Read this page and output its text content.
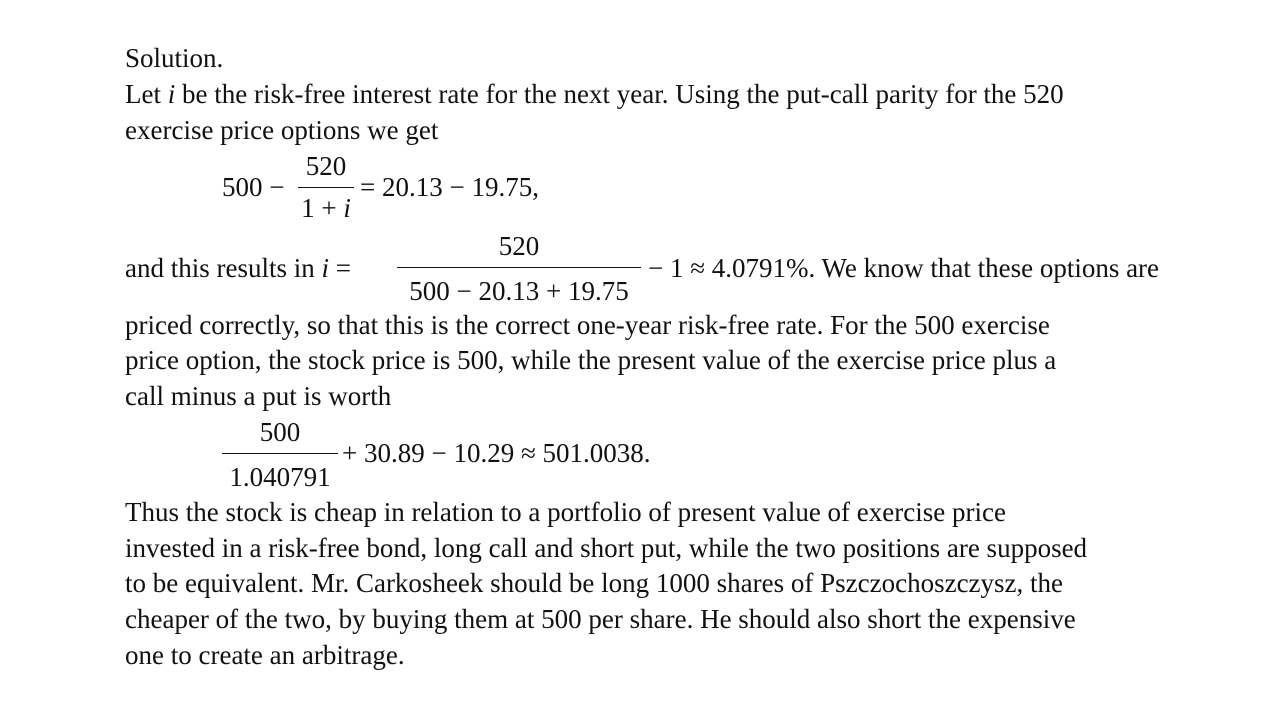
Solution.
Let i be the risk-free interest rate for the next year. Using the put-call parity for the 520
exercise price options we get
500 −
520
1 + i
= 20.13 − 19.75,
and this results in i =
520
500 − 20.13 + 19.75
− 1 ≈ 4.0791%. We know that these options are
priced correctly, so that this is the correct one-year risk-free rate. For the 500 exercise
price option, the stock price is 500, while the present value of the exercise price plus a
call minus a put is worth
500
1.040791
+ 30.89 − 10.29 ≈ 501.0038.
Thus the stock is cheap in relation to a portfolio of present value of exercise price
invested in a risk-free bond, long call and short put, while the two positions are supposed
to be equivalent. Mr. Carkosheek should be long 1000 shares of Pszczochoszczysz, the
cheaper of the two, by buying them at 500 per share. He should also short the expensive
one to create an arbitrage.
